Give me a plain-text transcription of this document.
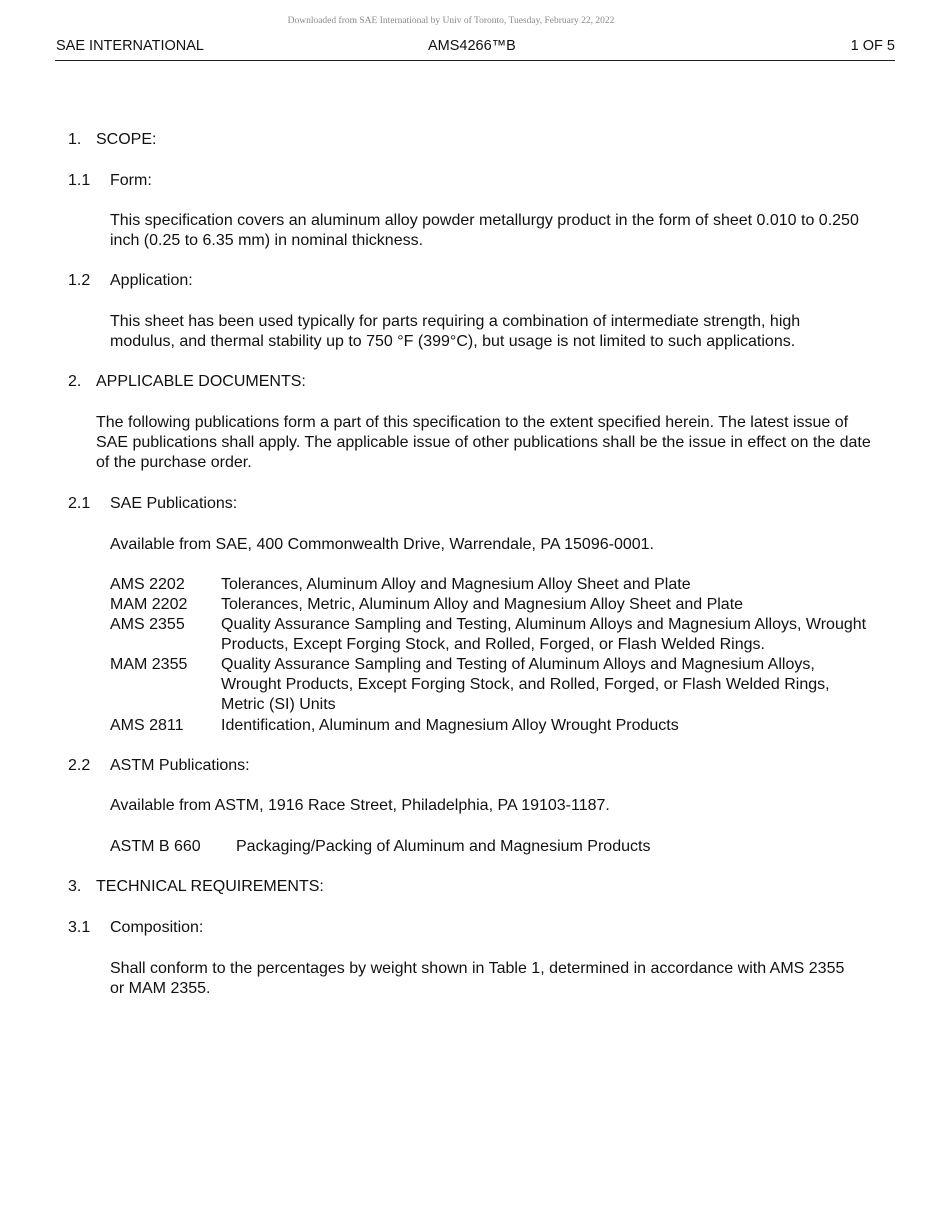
Downloaded from SAE International by Univ of Toronto, Tuesday, February 22, 2022
SAE INTERNATIONAL	AMS4266™B	1 OF 5
1. SCOPE:
1.1 Form:
This specification covers an aluminum alloy powder metallurgy product in the form of sheet 0.010 to 0.250 inch (0.25 to 6.35 mm) in nominal thickness.
1.2 Application:
This sheet has been used typically for parts requiring a combination of intermediate strength, high modulus, and thermal stability up to 750 °F (399°C), but usage is not limited to such applications.
2. APPLICABLE DOCUMENTS:
The following publications form a part of this specification to the extent specified herein. The latest issue of SAE publications shall apply. The applicable issue of other publications shall be the issue in effect on the date of the purchase order.
2.1 SAE Publications:
Available from SAE, 400 Commonwealth Drive, Warrendale, PA 15096-0001.
AMS 2202 Tolerances, Aluminum Alloy and Magnesium Alloy Sheet and Plate
MAM 2202 Tolerances, Metric, Aluminum Alloy and Magnesium Alloy Sheet and Plate
AMS 2355 Quality Assurance Sampling and Testing, Aluminum Alloys and Magnesium Alloys, Wrought Products, Except Forging Stock, and Rolled, Forged, or Flash Welded Rings.
MAM 2355 Quality Assurance Sampling and Testing of Aluminum Alloys and Magnesium Alloys, Wrought Products, Except Forging Stock, and Rolled, Forged, or Flash Welded Rings, Metric (SI) Units
AMS 2811 Identification, Aluminum and Magnesium Alloy Wrought Products
2.2 ASTM Publications:
Available from ASTM, 1916 Race Street, Philadelphia, PA 19103-1187.
ASTM B 660 Packaging/Packing of Aluminum and Magnesium Products
3. TECHNICAL REQUIREMENTS:
3.1 Composition:
Shall conform to the percentages by weight shown in Table 1, determined in accordance with AMS 2355 or MAM 2355.
